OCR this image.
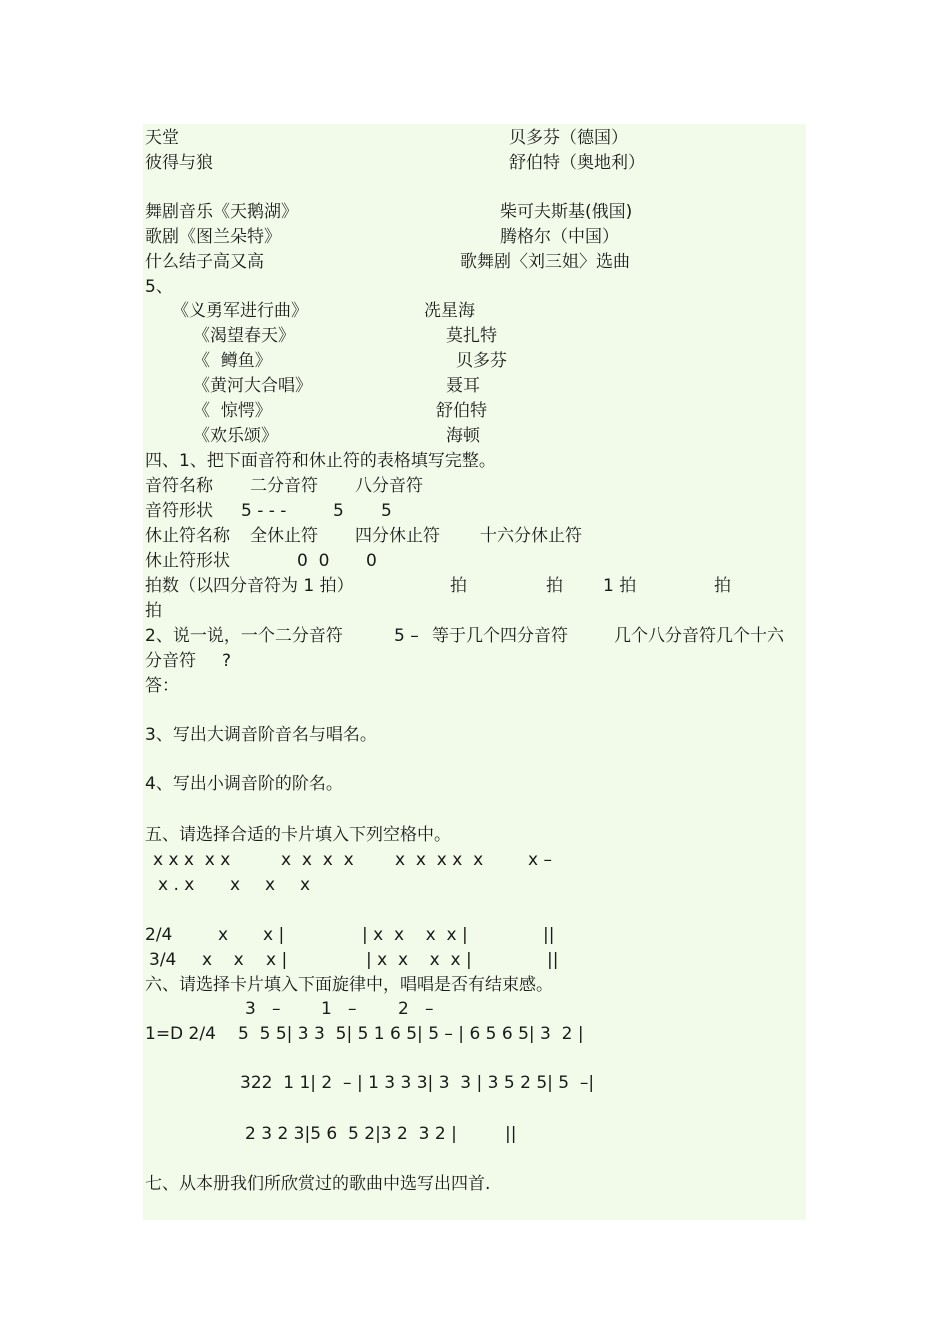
天堂	贝多芬（德国）
彼得与狼	舒伯特（奥地利）
舞剧音乐《天鹅湖》	柴可夫斯基(俄国)
歌剧《图兰朵特》	腾格尔（中国）
什么结子高又高	歌舞剧〈刘三姐〉选曲
5、
《义勇军进行曲》	冼星海
《渴望春天》	莫扎特
《  鳟鱼》	贝多芬
《黄河大合唱》	聂耳
《  惊愕》	舒伯特
《欢乐颂》	海顿
四、1、把下面音符和休止符的表格填写完整。
音符名称 二分音符 八分音符
音符形状 5 - - -	5 5
休止符名称 全休止符 四分休止符 十六分休止符
休止符形状	0  0 0
拍数（以四分音符为 1 拍）	拍	拍 1 拍	拍
拍
2、说一说，一个二分音符	5 – 等于几个四分音符	几个八分音符几个十六
分音符 ?
答：
3、写出大调音阶音名与唱名。
4、写出小调音阶的阶名。
五、请选择合适的卡片填入下列空格中。
x x x  x x	x  x  x  x x  x  x x  x	x –
x . x x x x
2/4	x x |	| x  x    x  x |	||
3/4 x    x x |	| x  x    x  x |	||
六、请选择卡片填入下面旋律中，唱唱是否有结束感。
3   – 1   – 2   –
1=D 2/4 5  5 5| 3 3  5| 5 1 6 5| 5 – | 6 5 6 5| 3  2 |
322  1 1| 2  – | 1 3 3 3| 3  3 | 3 5 2 5| 5  –|
2 3 2 3|5 6  5 2|3 2  3 2 |	||
七、从本册我们所欣赏过的歌曲中选写出四首.
